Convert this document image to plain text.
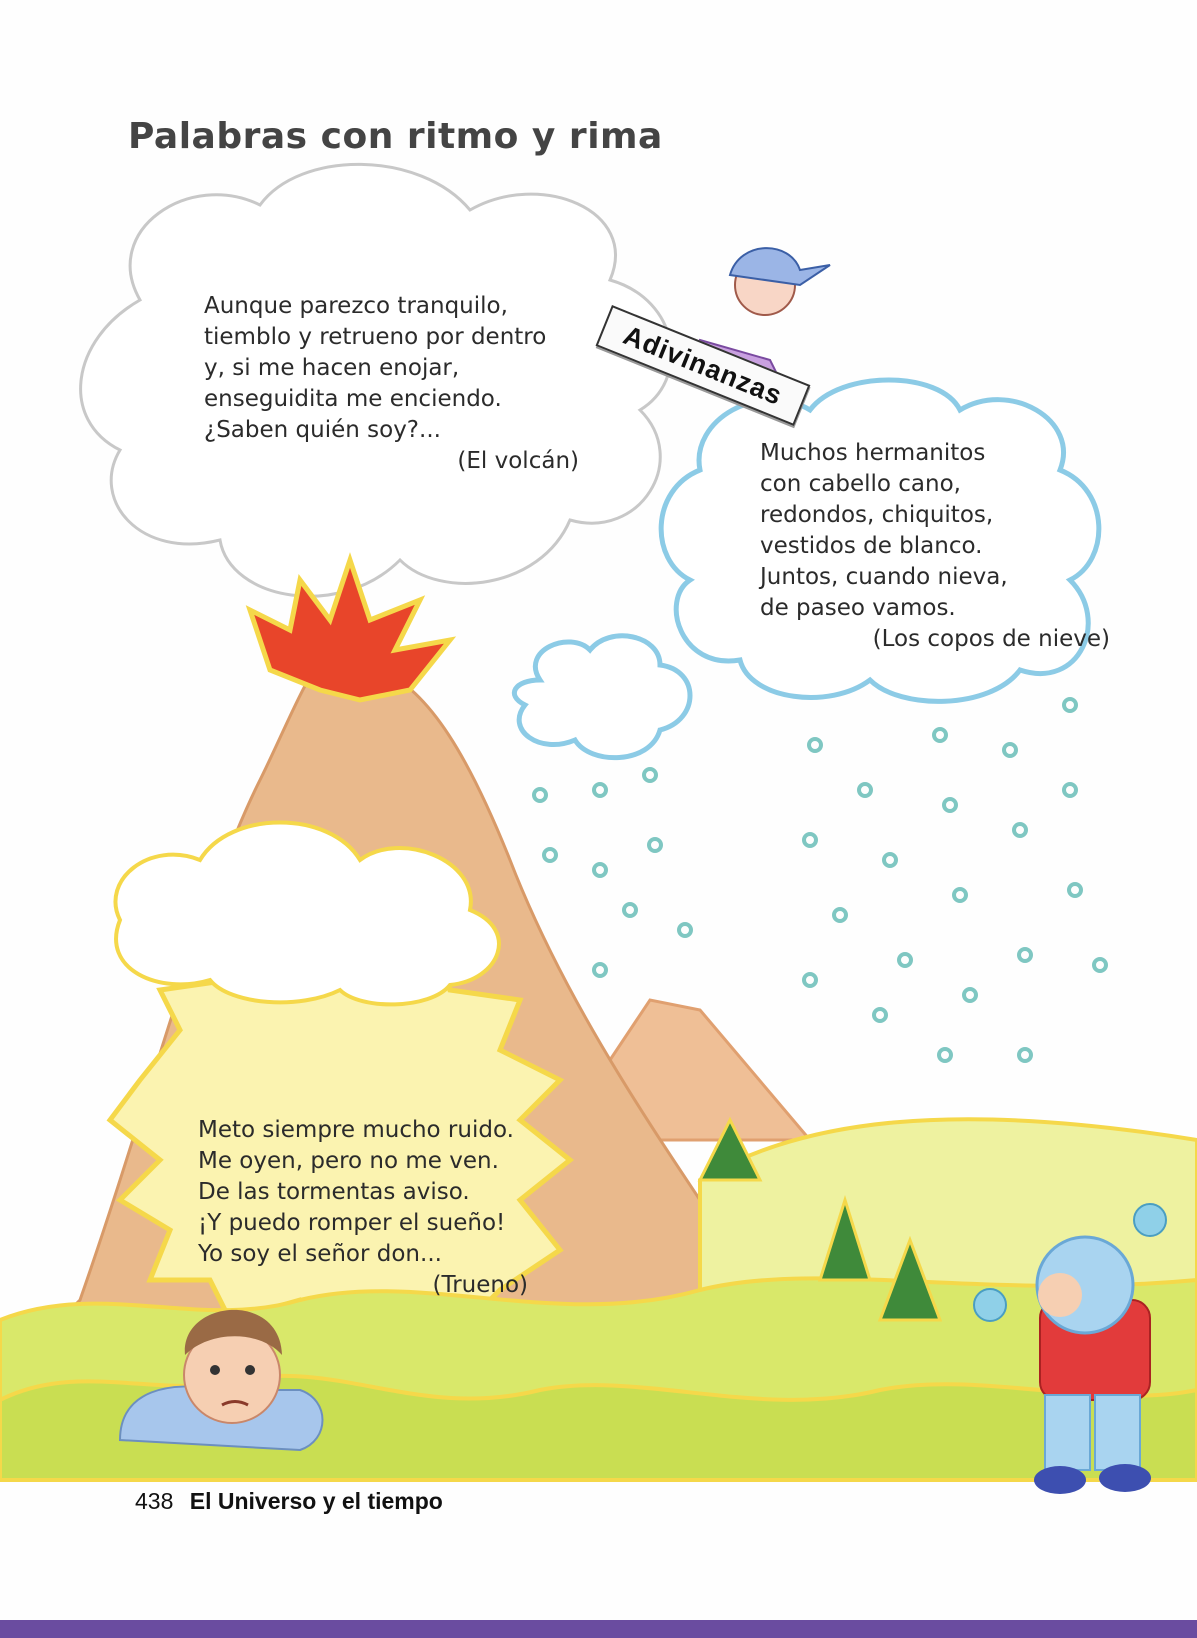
Palabras con ritmo y rima
Adivinanzas
Aunque parezco tranquilo,
tiemblo y retrueno por dentro
y, si me hacen enojar,
enseguidita me enciendo.
¿Saben quién soy?...
(El volcán)	Muchos hermanitos
con cabello cano,
redondos, chiquitos,
vestidos de blanco.
Juntos, cuando nieva,
de paseo vamos.
(Los copos de nieve)
Meto siempre mucho ruido.
Me oyen, pero no me ven.
De las tormentas aviso.
¡Y puedo romper el sueño!
Yo soy el señor don...
(Trueno)
438 El Universo y el tiempo
